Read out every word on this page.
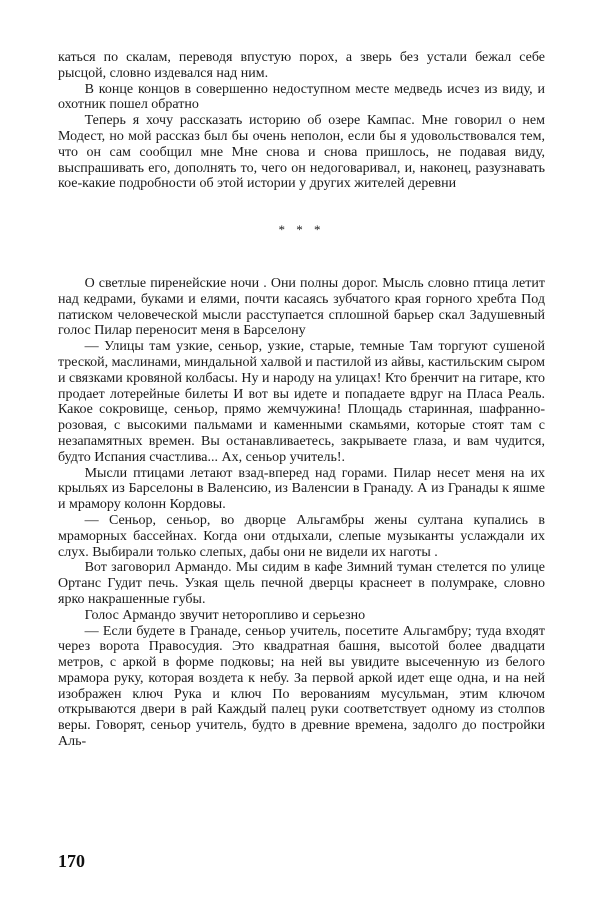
каться по скалам, переводя впустую порох, а зверь без устали бежал себе рысцой, словно издевался над ним.

В конце концов в совершенно недоступном месте медведь исчез из виду, и охотник пошел обратно

Теперь я хочу рассказать историю об озере Кампас. Мне говорил о нем Модест, но мой рассказ был бы очень неполон, если бы я удовольствовался тем, что он сам сообщил мне Мне снова и снова пришлось, не подавая виду, выспрашивать его, дополнять то, чего он недоговаривал, и, наконец, разузнавать кое-какие подробности об этой истории у других жителей деревни

* * *

О светлые пиренейские ночи . Они полны дорог. Мысль словно птица летит над кедрами, буками и елями, почти касаясь зубчатого края горного хребта Под патиском человеческой мысли расступается сплошной барьер скал Задушевный голос Пилар переносит меня в Барселону

— Улицы там узкие, сеньор, узкие, старые, темные Там торгуют сушеной треской, маслинами, миндальной халвой и пастилой из айвы, кастильским сыром и связками кровяной колбасы. Ну и народу на улицах! Кто бренчит на гитаре, кто продает лотерейные билеты И вот вы идете и попадаете вдруг на Пласа Реаль. Какое сокровище, сеньор, прямо жемчужина! Площадь старинная, шафранно-розовая, с высокими пальмами и каменными скамьями, которые стоят там с незапамятных времен. Вы останавливаетесь, закрываете глаза, и вам чудится, будто Испания счастлива... Ах, сеньор учитель!.

Мысли птицами летают взад-вперед над горами. Пилар несет меня на их крыльях из Барселоны в Валенсию, из Валенсии в Гранаду. А из Гранады к яшме и мрамору колонн Кордовы.

— Сеньор, сеньор, во дворце Альгамбры жены султана купались в мраморных бассейнах. Когда они отдыхали, слепые музыканты услаждали их слух. Выбирали только слепых, дабы они не видели их наготы .

Вот заговорил Армандо. Мы сидим в кафе Зимний туман стелется по улице Ортанс Гудит печь. Узкая щель печной дверцы краснеет в полумраке, словно ярко накрашенные губы.

Голос Армандо звучит неторопливо и серьезно

— Если будете в Гранаде, сеньор учитель, посетите Альгамбру; туда входят через ворота Правосудия. Это квадратная башня, высотой более двадцати метров, с аркой в форме подковы; на ней вы увидите высеченную из белого мрамора руку, которая воздета к небу. За первой аркой идет еще одна, и на ней изображен ключ Рука и ключ По верованиям мусульман, этим ключом открываются двери в рай Каждый палец руки соответствует одному из столпов веры. Говорят, сеньор учитель, будто в древние времена, задолго до постройки Аль-

170
